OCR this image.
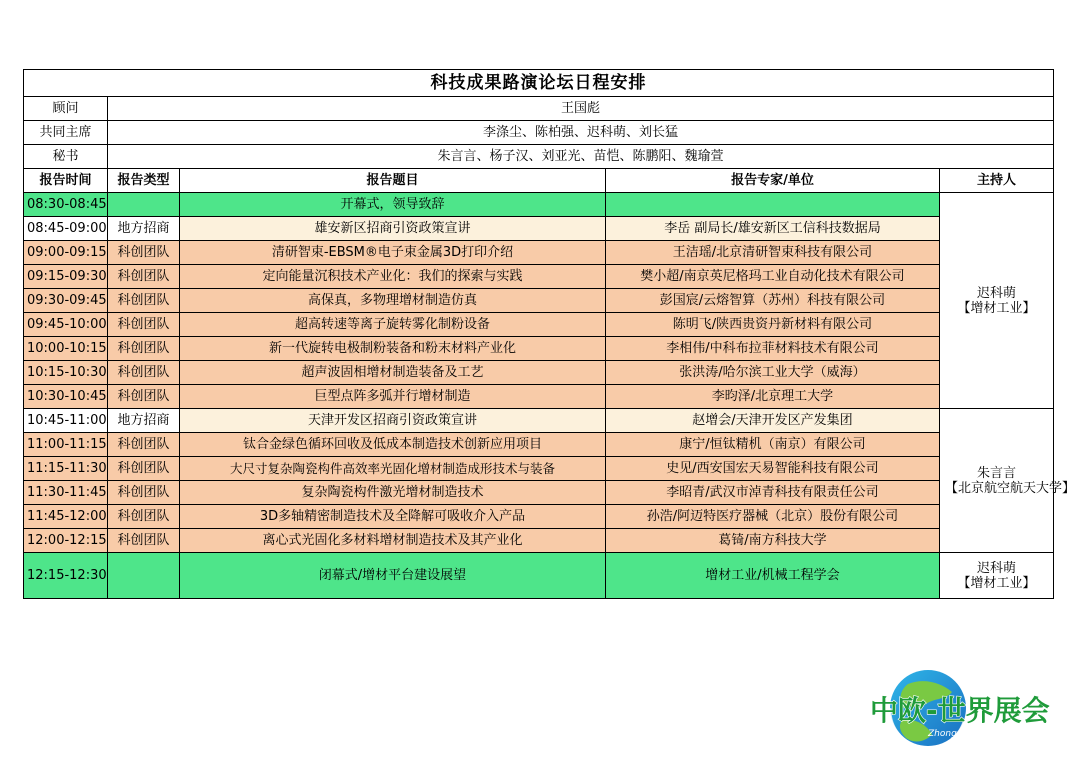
科技成果路演论坛日程安排				
顾问	王国彪			
共同主席	李涤尘、陈柏强、迟科萌、刘长猛			
秘书	朱言言、杨子汉、刘亚光、苗恺、陈鹏阳、魏瑜萱			
报告时间	报告类型	报告题目	报告专家/单位	主持人
08:30-08:45		开幕式，领导致辞		迟科萌
【增材工业】

08:45-09:00	地方招商	雄安新区招商引资政策宣讲	李岳 副局长/雄安新区工信科技数据局	
09:00-09:15	科创团队	清研智束-EBSM®电子束金属3D打印介绍	王洁瑶/北京清研智束科技有限公司	
09:15-09:30	科创团队	定向能量沉积技术产业化：我们的探索与实践	樊小超/南京英尼格玛工业自动化技术有限公司	
09:30-09:45	科创团队	高保真，多物理增材制造仿真	彭国宸/云熔智算（苏州）科技有限公司	
09:45-10:00	科创团队	超高转速等离子旋转雾化制粉设备	陈明飞/陕西贵资丹新材料有限公司	
10:00-10:15	科创团队	新一代旋转电极制粉装备和粉末材料产业化	李相伟/中科布拉菲材料技术有限公司	
10:15-10:30	科创团队	超声波固相增材制造装备及工艺	张洪涛/哈尔滨工业大学（威海）	
10:30-10:45	科创团队	巨型点阵多弧并行增材制造	李昀泽/北京理工大学	
10:45-11:00	地方招商	天津开发区招商引资政策宣讲	赵增会/天津开发区产发集团	朱言言
【北京航空航天大学】

11:00-11:15	科创团队	钛合金绿色循环回收及低成本制造技术创新应用项目	康宁/恒钛精机（南京）有限公司	
11:15-11:30	科创团队	大尺寸复杂陶瓷构件高效率光固化增材制造成形技术与装备	史见/西安国宏天易智能科技有限公司	
11:30-11:45	科创团队	复杂陶瓷构件激光增材制造技术	李昭青/武汉市淖青科技有限责任公司	
11:45-12:00	科创团队	3D多轴精密制造技术及全降解可吸收介入产品	孙浩/阿迈特医疗器械（北京）股份有限公司	
12:00-12:15	科创团队	离心式光固化多材料增材制造技术及其产业化	葛锜/南方科技大学	
12:15-12:30		闭幕式/增材平台建设展望	增材工业/机械工程学会	迟科萌
【增材工业】
中欧-世界展会
ZhongOu Expo
